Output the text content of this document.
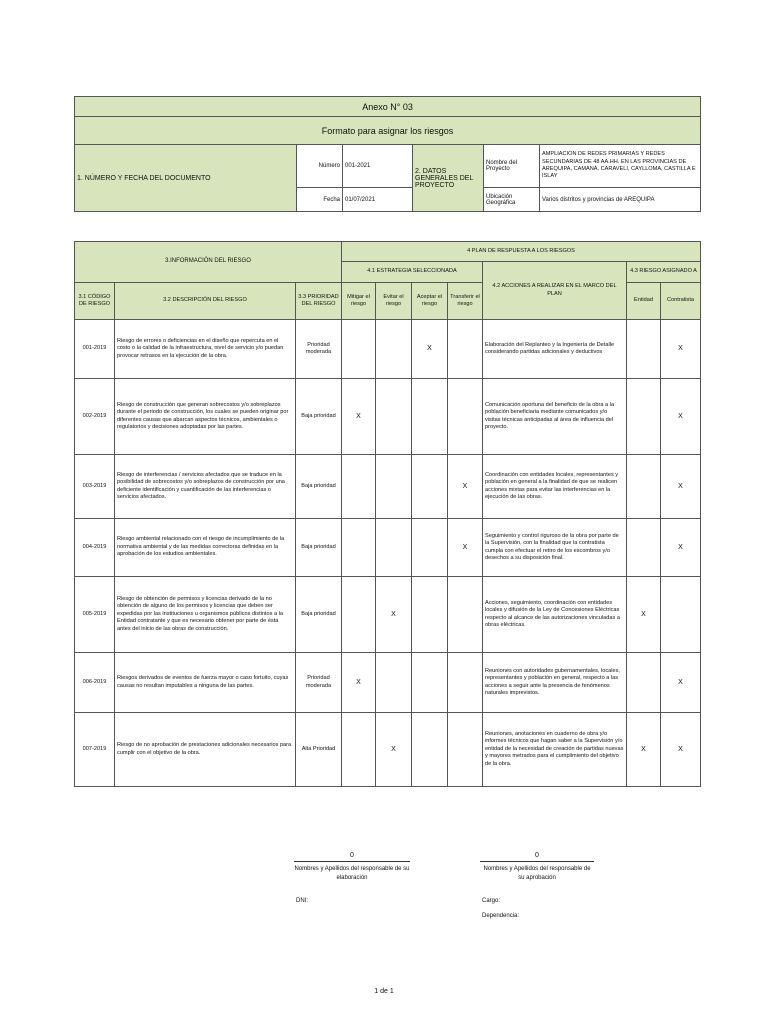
Anexo N° 03					
Formato para asignar los riesgos					
1. NÚMERO Y FECHA DEL DOCUMENTO	Número	001-2021	2. DATOS GENERALES DEL PROYECTO	Nombre del Proyecto	AMPLIACION DE REDES PRIMARIAS Y REDES SECUNDARIAS DE 48 AA.HH. EN LAS PROVINCIAS DE AREQUIPA, CAMANÁ, CARAVELI, CAYLLOMA, CASTILLA E ISLAY
	Fecha	01/07/2021		Ubicación Geográfica	Varios distritos y provincias de AREQUIPA
3.INFORMACIÓN DEL RIESGO			4 PLAN DE RESPUESTA A LOS RIESGOS						
			4.1 ESTRATEGIA SELECCIONADA				4.2 ACCIONES A REALIZAR EN EL MARCO DEL PLAN	4.3 RIESGO ASIGNADO A	
3.1 CÓDIGO DE RIESGO	3.2 DESCRIPCIÓN DEL RIESGO	3.3 PRIORIDAD DEL RIESGO	Mitigar el riesgo	Evitar el riesgo	Aceptar el riesgo	Transferir el riesgo		Entidad	Contratista
001-2019	Riesgo de errores o deficiencias en el diseño que repercuta en el costo o la calidad de la infraestructura, nivel de servicio y/o puedan provocar retrasos en la ejecución de la obra.	Prioridad moderada			X		Elaboración del Replanteo y la Ingeniería de Detalle considerando partidas adicionales y deductivos		X
002-2019	Riesgo de construcción que generan sobrecostos y/o sobreplazos durante el periodo de construcción, los cuales se pueden originar por diferentes causas que abarcan aspectos técnicos, ambientales o regulatorios y decisiones adoptadas por las partes.	Baja prioridad	X				Comunicación oportuna del beneficio de la obra a la población beneficiaria mediante comunicados y/o visitas técnicas anticipadas al área de influencia del proyecto.		X
003-2019	Riesgo de interferencias / servicios afectados que se traduce en la posibilidad de sobrecostos y/o sobreplazos de construcción por una deficiente identificación y cuantificación de las interferencias o servicios afectados.	Baja prioridad				X	Coordinación con entidades locales, representantes y población en general a la finalidad de que se realicen acciones mixtas para evitar las interferencias en la ejecución de las obras.		X
004-2019	Riesgo ambiental relacionado con el riesgo de incumplimiento de la normativa ambiental y de las medidas correctoras definidas en la aprobación de los estudios ambientales.	Baja prioridad				X	Seguimiento y control riguroso de la obra por parte de la Supervisión, con la finalidad que la contratista cumpla con efectuar el retiro de los escombros y/o desechos a su disposición final.		X
005-2019	Riesgo de obtención de permisos y licencias derivado de la no obtención de alguno de los permisos y licencias que deben ser expedidas por las instituciones u organismos públicos distintos a la Entidad contratante y que es necesario obtener por parte de ésta antes del inicio de las obras de construcción.	Baja prioridad		X			Acciones, seguimiento, coordinación con entidades locales y difusión de la Ley de Concesiones Eléctricas respecto al alcance de las autorizaciones vinculadas a obras eléctricas.	X	
006-2019	Riesgos derivados de eventos de fuerza mayor o caso fortuito, cuyas causas no resultan imputables a ninguna de las partes.	Prioridad moderada	X				Reuniones con autoridades gubernamentales, locales, representantes y población en general, respecto a las acciones a seguir ante la presencia de fenómenos naturales imprevistos.		X
007-2019	Riesgo de no aprobación de prestaciones adicionales necesarios para cumplir con el objetivo de la obra.	Alta Prioridad		X			Reuniones, anotaciones en cuaderno de obra y/o informes técnicos que hagan saber a la Supervisión y/o entidad de la necesidad de creación de partidas nuevas y mayores metrados para el cumplimiento del objetivo de la obra.	X	X
0
Nombres y Apellidos del responsable de su elaboración
0
Nombres y Apellidos del responsable de su aprobación
DNI:	Cargo:
Dependencia:
1 de 1
